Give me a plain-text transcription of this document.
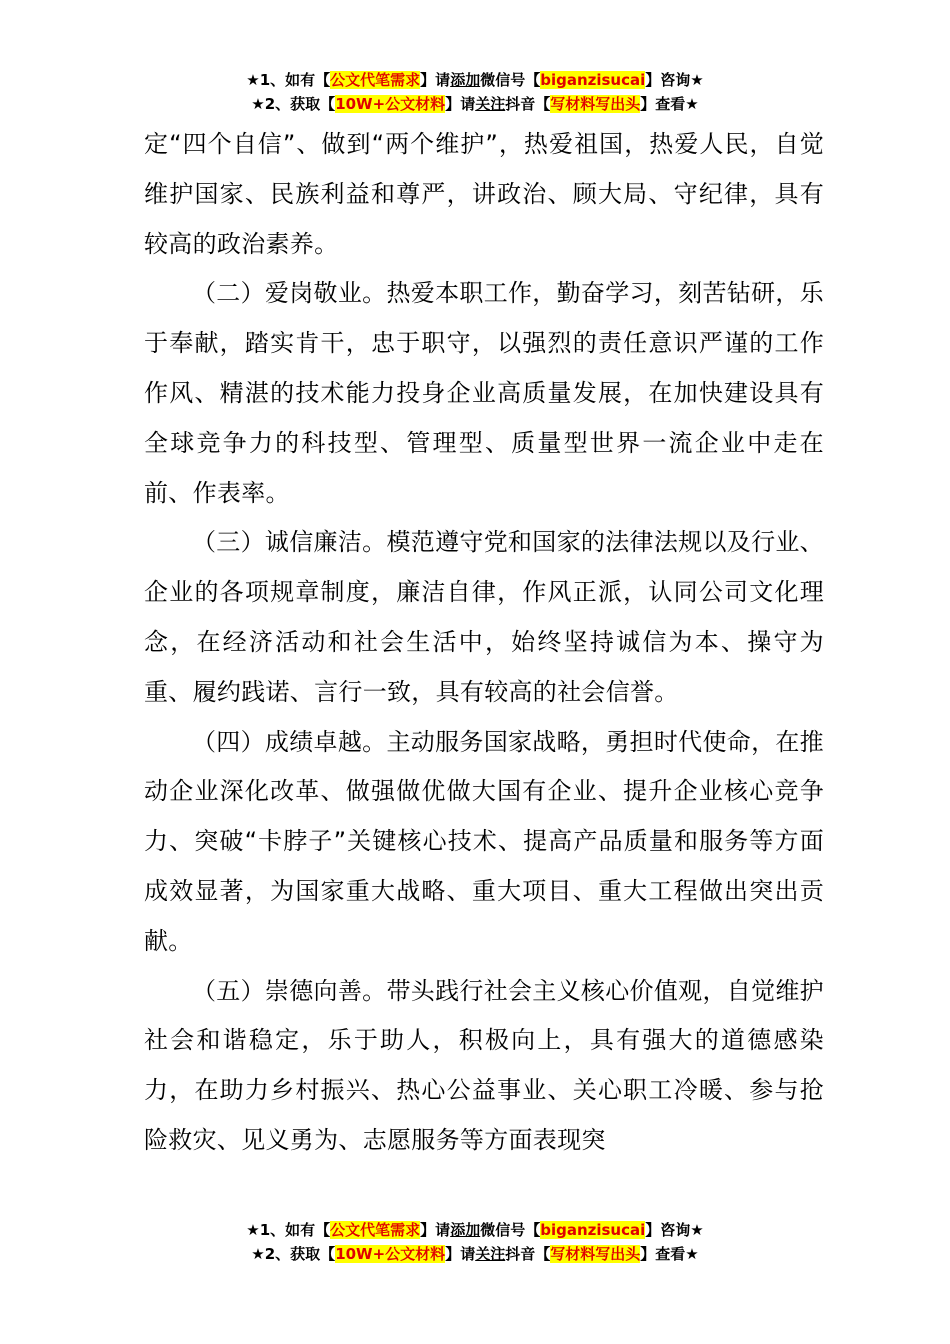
★1、如有【公文代笔需求】请添加微信号【biganzisucai】咨询★
★2、获取【10W+公文材料】请关注抖音【写材料写出头】查看★

定“四个自信”、做到“两个维护”，热爱祖国，热爱人民，自觉维护国家、民族利益和尊严，讲政治、顾大局、守纪律，具有较高的政治素养。

（二）爱岗敬业。热爱本职工作，勤奋学习，刻苦钻研，乐于奉献，踏实肯干，忠于职守，以强烈的责任意识严谨的工作作风、精湛的技术能力投身企业高质量发展，在加快建设具有全球竞争力的科技型、管理型、质量型世界一流企业中走在前、作表率。

（三）诚信廉洁。模范遵守党和国家的法律法规以及行业、企业的各项规章制度，廉洁自律，作风正派，认同公司文化理念，在经济活动和社会生活中，始终坚持诚信为本、操守为重、履约践诺、言行一致，具有较高的社会信誉。

（四）成绩卓越。主动服务国家战略，勇担时代使命，在推动企业深化改革、做强做优做大国有企业、提升企业核心竞争力、突破“卡脖子”关键核心技术、提高产品质量和服务等方面成效显著，为国家重大战略、重大项目、重大工程做出突出贡献。

（五）崇德向善。带头践行社会主义核心价值观，自觉维护社会和谐稳定，乐于助人，积极向上，具有强大的道德感染力，在助力乡村振兴、热心公益事业、关心职工冷暖、参与抢险救灾、见义勇为、志愿服务等方面表现突

★1、如有【公文代笔需求】请添加微信号【biganzisucai】咨询★
★2、获取【10W+公文材料】请关注抖音【写材料写出头】查看★
